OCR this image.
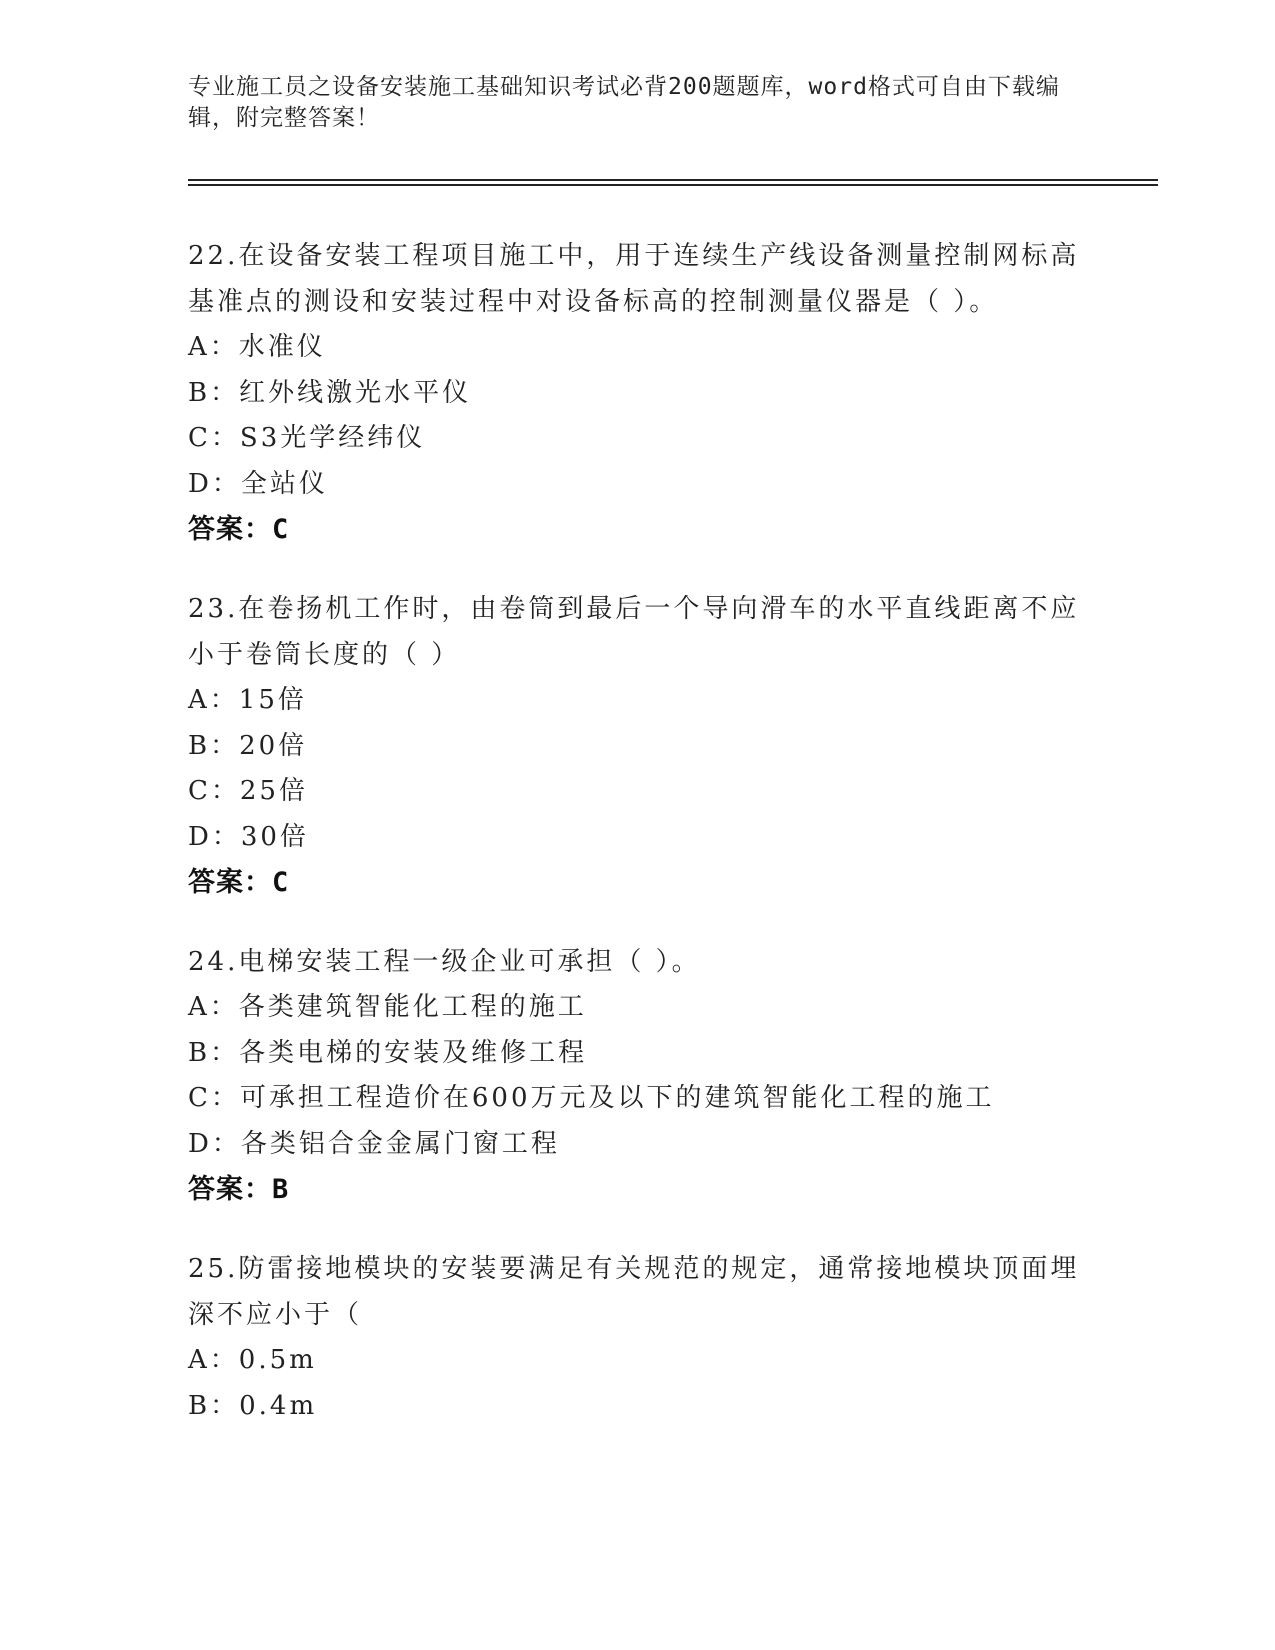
专业施工员之设备安装施工基础知识考试必背200题题库，word格式可自由下载编辑，附完整答案！
22.在设备安装工程项目施工中，用于连续生产线设备测量控制网标高基准点的测设和安装过程中对设备标高的控制测量仪器是（ ）。
A：水准仪
B：红外线激光水平仪
C：S3光学经纬仪
D：全站仪
答案：C
23.在卷扬机工作时，由卷筒到最后一个导向滑车的水平直线距离不应小于卷筒长度的（ ）
A：15倍
B：20倍
C：25倍
D：30倍
答案：C
24.电梯安装工程一级企业可承担（ ）。
A：各类建筑智能化工程的施工
B：各类电梯的安装及维修工程
C：可承担工程造价在600万元及以下的建筑智能化工程的施工
D：各类铝合金金属门窗工程
答案：B
25.防雷接地模块的安装要满足有关规范的规定，通常接地模块顶面埋深不应小于（
A：0.5m
B：0.4m
